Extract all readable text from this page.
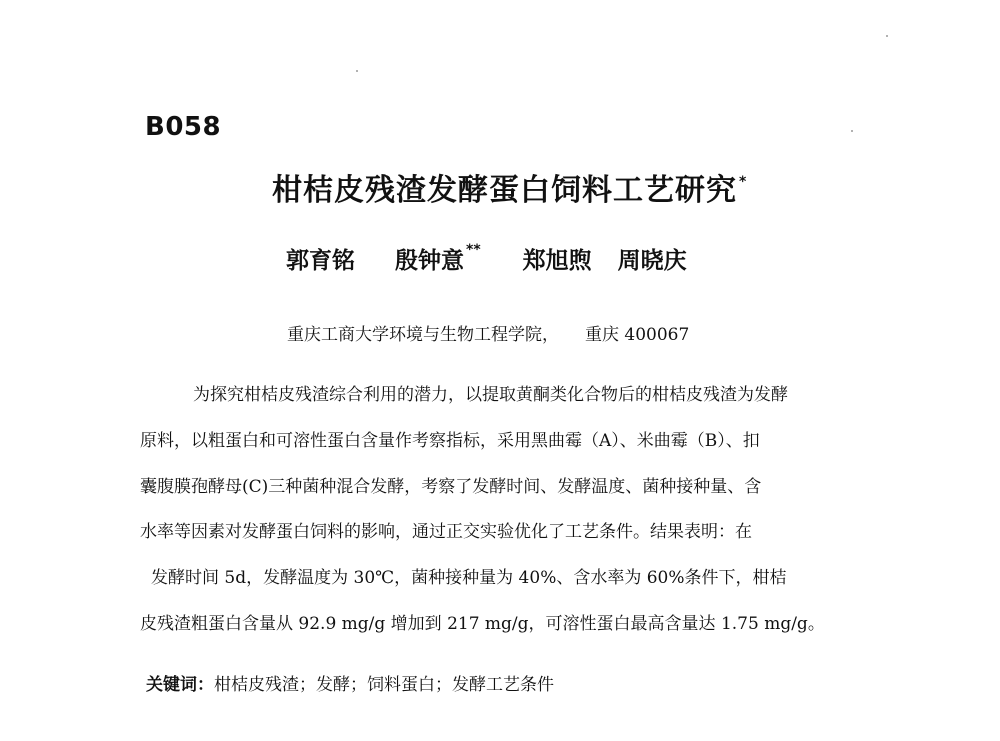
B058
柑桔皮残渣发酵蛋白饲料工艺研究 *
郭育铭 殷钟意 ** 郑旭煦 周晓庆
重庆工商大学环境与生物工程学院， 重庆 400067
为探究柑桔皮残渣综合利用的潜力，以提取黄酮类化合物后的柑桔皮残渣为发酵
原料，以粗蛋白和可溶性蛋白含量作考察指标，采用黑曲霉（A）、米曲霉（B）、扣
囊腹膜孢酵母(C)三种菌种混合发酵，考察了发酵时间、发酵温度、菌种接种量、含
水率等因素对发酵蛋白饲料的影响，通过正交实验优化了工艺条件。结果表明：在
发酵时间 5d，发酵温度为 30℃，菌种接种量为 40%、含水率为 60%条件下，柑桔
皮残渣粗蛋白含量从 92.9 mg/g 增加到 217 mg/g，可溶性蛋白最高含量达 1.75 mg/g。
关键词：柑桔皮残渣；发酵；饲料蛋白；发酵工艺条件
